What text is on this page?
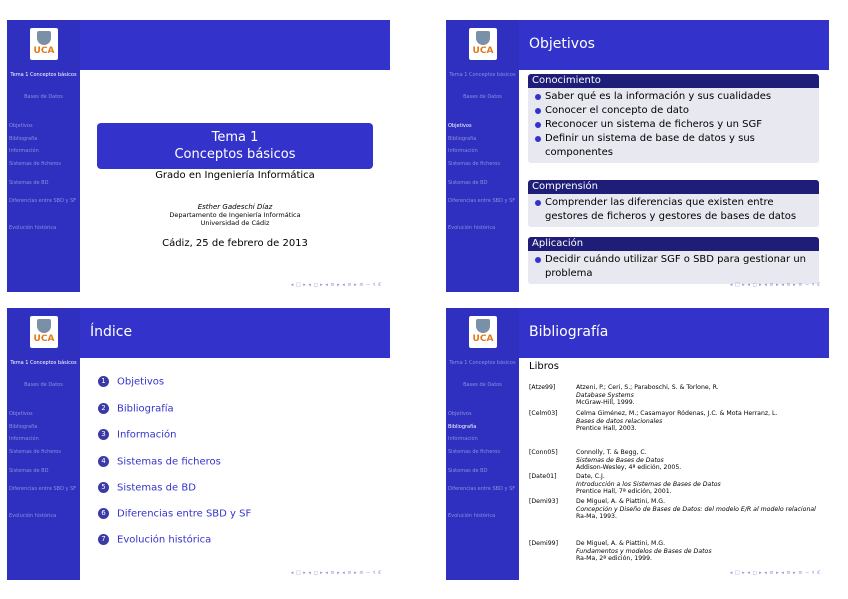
UCA
Tema 1 Conceptos básicos
Bases de Datos
Objetivos
Bibliografía
Información
Sistemas de ficheros
Sistemas de BD
Diferencias entre SBD y SF
Evolución histórica
Tema 1
Conceptos básicos
Grado en Ingeniería Informática
Esther Gadeschi Díaz
Departamento de Ingeniería Informática
Universidad de Cádiz
Cádiz, 25 de febrero de 2013
◂ □ ▸ ◂ ◻ ▸ ◂ ≡ ▸ ◂ ≡ ▸ ≡ ∽ ९ ℭ
UCA
Tema 1 Conceptos básicos
Bases de Datos
Objetivos
Bibliografía
Información
Sistemas de ficheros
Sistemas de BD
Diferencias entre SBD y SF
Evolución histórica
Objetivos
Conocimiento
Saber qué es la información y sus cualidades
Conocer el concepto de dato
Reconocer un sistema de ficheros y un SGF
Definir un sistema de base de datos y sus componentes
Comprensión
Comprender las diferencias que existen entre gestores de ficheros y gestores de bases de datos
Aplicación
Decidir cuándo utilizar SGF o SBD para gestionar un problema
◂ □ ▸ ◂ ◻ ▸ ◂ ≡ ▸ ◂ ≡ ▸ ≡ ∽ ९ ℭ
UCA
Tema 1 Conceptos básicos
Bases de Datos
Objetivos
Bibliografía
Información
Sistemas de ficheros
Sistemas de BD
Diferencias entre SBD y SF
Evolución histórica
Índice
1 Objetivos
2 Bibliografía
3 Información
4 Sistemas de ficheros
5 Sistemas de BD
6 Diferencias entre SBD y SF
7 Evolución histórica
◂ □ ▸ ◂ ◻ ▸ ◂ ≡ ▸ ◂ ≡ ▸ ≡ ∽ ९ ℭ
UCA
Tema 1 Conceptos básicos
Bases de Datos
Objetivos
Bibliografía
Información
Sistemas de ficheros
Sistemas de BD
Diferencias entre SBD y SF
Evolución histórica
Bibliografía
Libros
[Atze99]	Atzeni, P.; Ceri, S.; Paraboschi, S. & Torlone, R.
Database Systems
McGraw-Hill, 1999.
[Celm03]	Celma Giménez, M.; Casamayor Ródenas, J.C. & Mota Herranz, L.
Bases de datos relacionales
Prentice Hall, 2003.
[Conn05]	Connolly, T. & Begg, C.
Sistemas de Bases de Datos
Addison-Wesley, 4ª edición, 2005.
[Date01]	Date, C.J.
Introducción a los Sistemas de Bases de Datos
Prentice Hall, 7ª edición, 2001.
[Demi93]	De Miguel, A. & Piattini, M.G.
Concepción y Diseño de Bases de Datos: del modelo E/R al modelo relacional
Ra-Ma, 1993.
[Demi99]	De Miguel, A. & Piattini, M.G.
Fundamentos y modelos de Bases de Datos
Ra-Ma, 2ª edición, 1999.
◂ □ ▸ ◂ ◻ ▸ ◂ ≡ ▸ ◂ ≡ ▸ ≡ ∽ ९ ℭ
